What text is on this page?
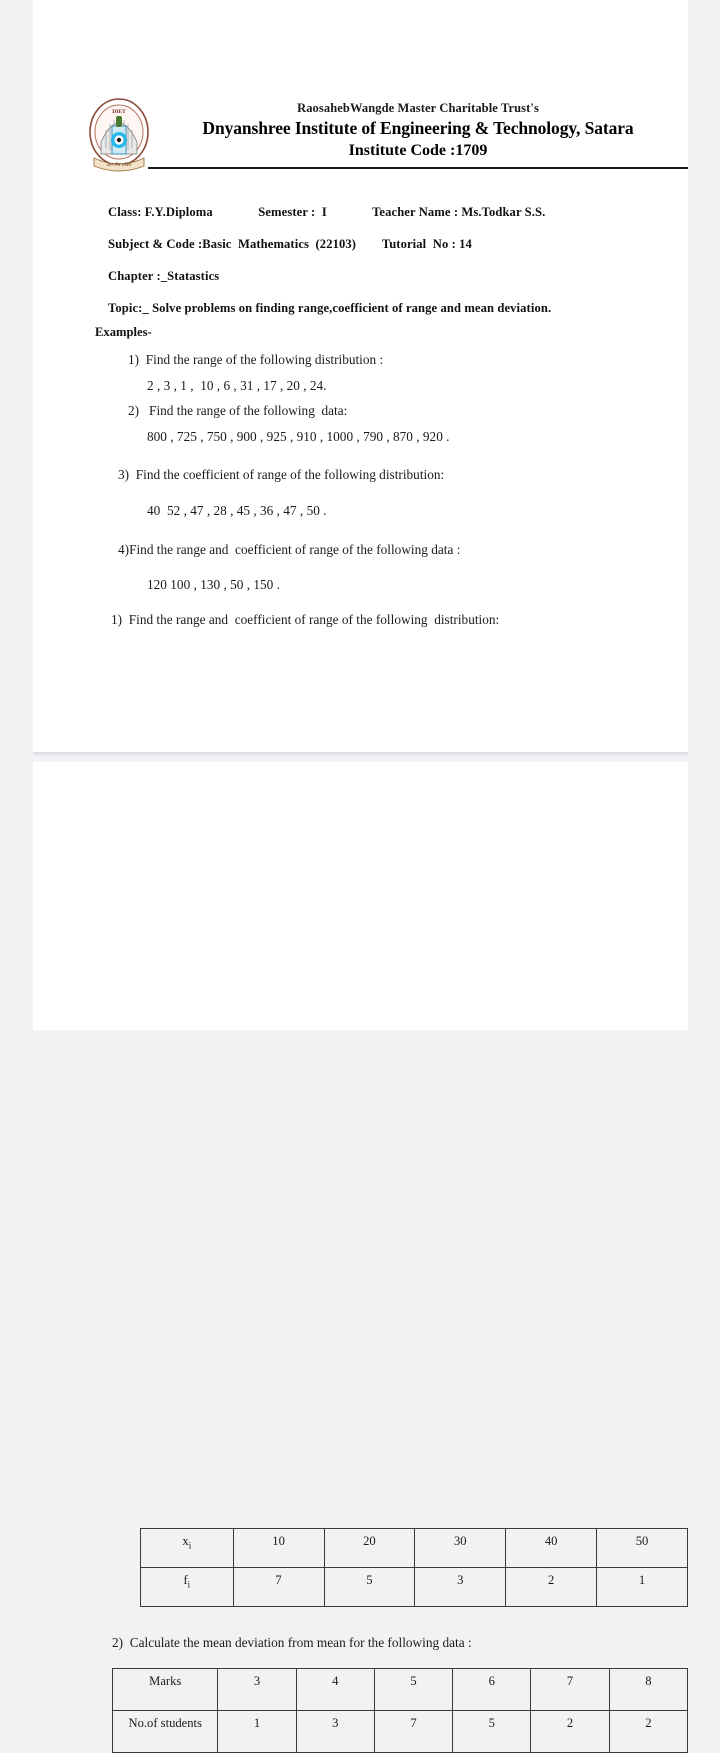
DIET
ज्ञान सेव शक्ति
RaosahebWangde Master Charitable Trust's
Dnyanshree Institute of Engineering & Technology, Satara
Institute Code :1709
Class: F.Y.Diploma              Semester :  I              Teacher Name : Ms.Todkar S.S.
Subject & Code :Basic  Mathematics  (22103)        Tutorial  No : 14
Chapter :_Statastics
Topic:_ Solve problems on finding range,coefficient of range and mean deviation.
Examples-
1)  Find the range of the following distribution :
2 , 3 , 1 ,  10 , 6 , 31 , 17 , 20 , 24.
2)   Find the range of the following  data:
800 , 725 , 750 , 900 , 925 , 910 , 1000 , 790 , 870 , 920 .
3)  Find the coefficient of range of the following distribution:
40  52 , 47 , 28 , 45 , 36 , 47 , 50 .
4)Find the range and  coefficient of range of the following data :
120 100 , 130 , 50 , 150 .
1)  Find the range and  coefficient of range of the following  distribution:
$x_i$	10	20	30	40	50
$f_i$	7	5	3	2	1
2)  Calculate the mean deviation from mean for the following data :
Marks	3	4	5	6	7	8
No.of students	1	3	7	5	2	2
